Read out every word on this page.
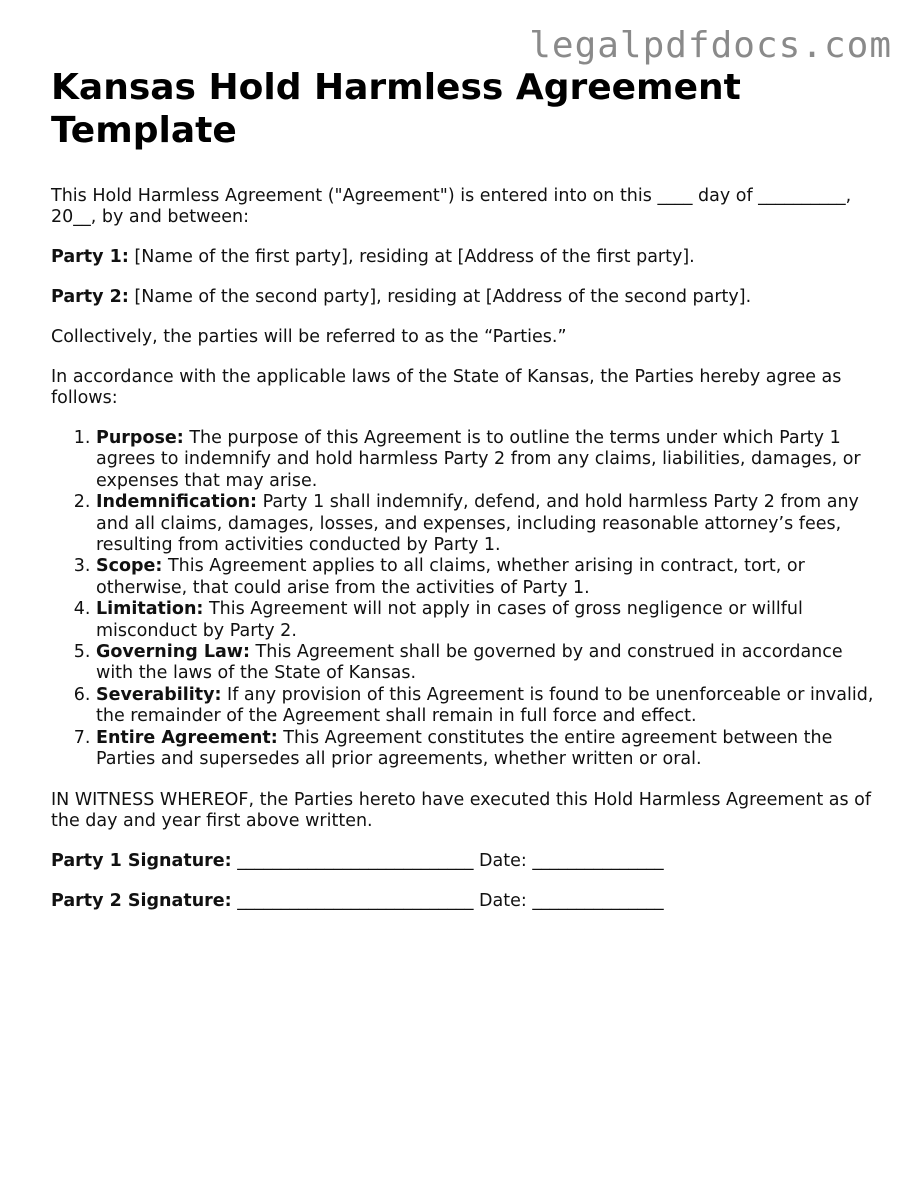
legalpdfdocs.com
Kansas Hold Harmless Agreement Template

This Hold Harmless Agreement ("Agreement") is entered into on this ____ day of __________, 20__, by and between:

Party 1: [Name of the first party], residing at [Address of the first party].

Party 2: [Name of the second party], residing at [Address of the second party].

Collectively, the parties will be referred to as the “Parties.”

In accordance with the applicable laws of the State of Kansas, the Parties hereby agree as follows:

1. Purpose: The purpose of this Agreement is to outline the terms under which Party 1 agrees to indemnify and hold harmless Party 2 from any claims, liabilities, damages, or expenses that may arise.
2. Indemnification: Party 1 shall indemnify, defend, and hold harmless Party 2 from any and all claims, damages, losses, and expenses, including reasonable attorney’s fees, resulting from activities conducted by Party 1.
3. Scope: This Agreement applies to all claims, whether arising in contract, tort, or otherwise, that could arise from the activities of Party 1.
4. Limitation: This Agreement will not apply in cases of gross negligence or willful misconduct by Party 2.
5. Governing Law: This Agreement shall be governed by and construed in accordance with the laws of the State of Kansas.
6. Severability: If any provision of this Agreement is found to be unenforceable or invalid, the remainder of the Agreement shall remain in full force and effect.
7. Entire Agreement: This Agreement constitutes the entire agreement between the Parties and supersedes all prior agreements, whether written or oral.

IN WITNESS WHEREOF, the Parties hereto have executed this Hold Harmless Agreement as of the day and year first above written.

Party 1 Signature: ___________________________ Date: _______________

Party 2 Signature: ___________________________ Date: _______________
